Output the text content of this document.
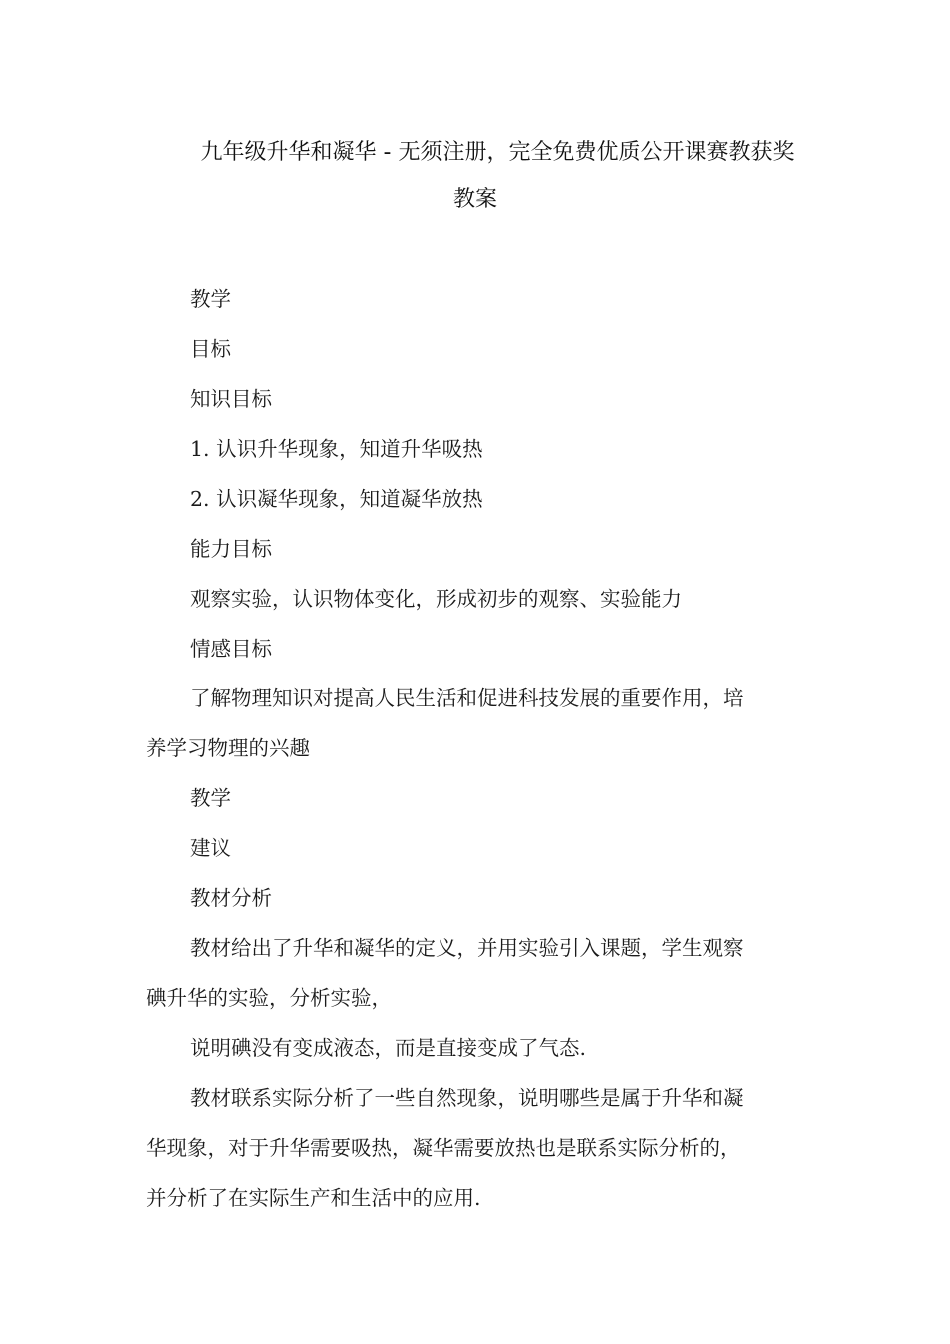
九年级升华和凝华 - 无须注册，完全免费优质公开课赛教获奖
教案
教学
目标
知识目标
1. 认识升华现象，知道升华吸热
2. 认识凝华现象，知道凝华放热
能力目标
观察实验，认识物体变化，形成初步的观察、实验能力
情感目标
了解物理知识对提高人民生活和促进科技发展的重要作用，培
养学习物理的兴趣
教学
建议
教材分析
教材给出了升华和凝华的定义，并用实验引入课题，学生观察
碘升华的实验，分析实验，
说明碘没有变成液态，而是直接变成了气态.
教材联系实际分析了一些自然现象，说明哪些是属于升华和凝
华现象，对于升华需要吸热，凝华需要放热也是联系实际分析的，
并分析了在实际生产和生活中的应用.
